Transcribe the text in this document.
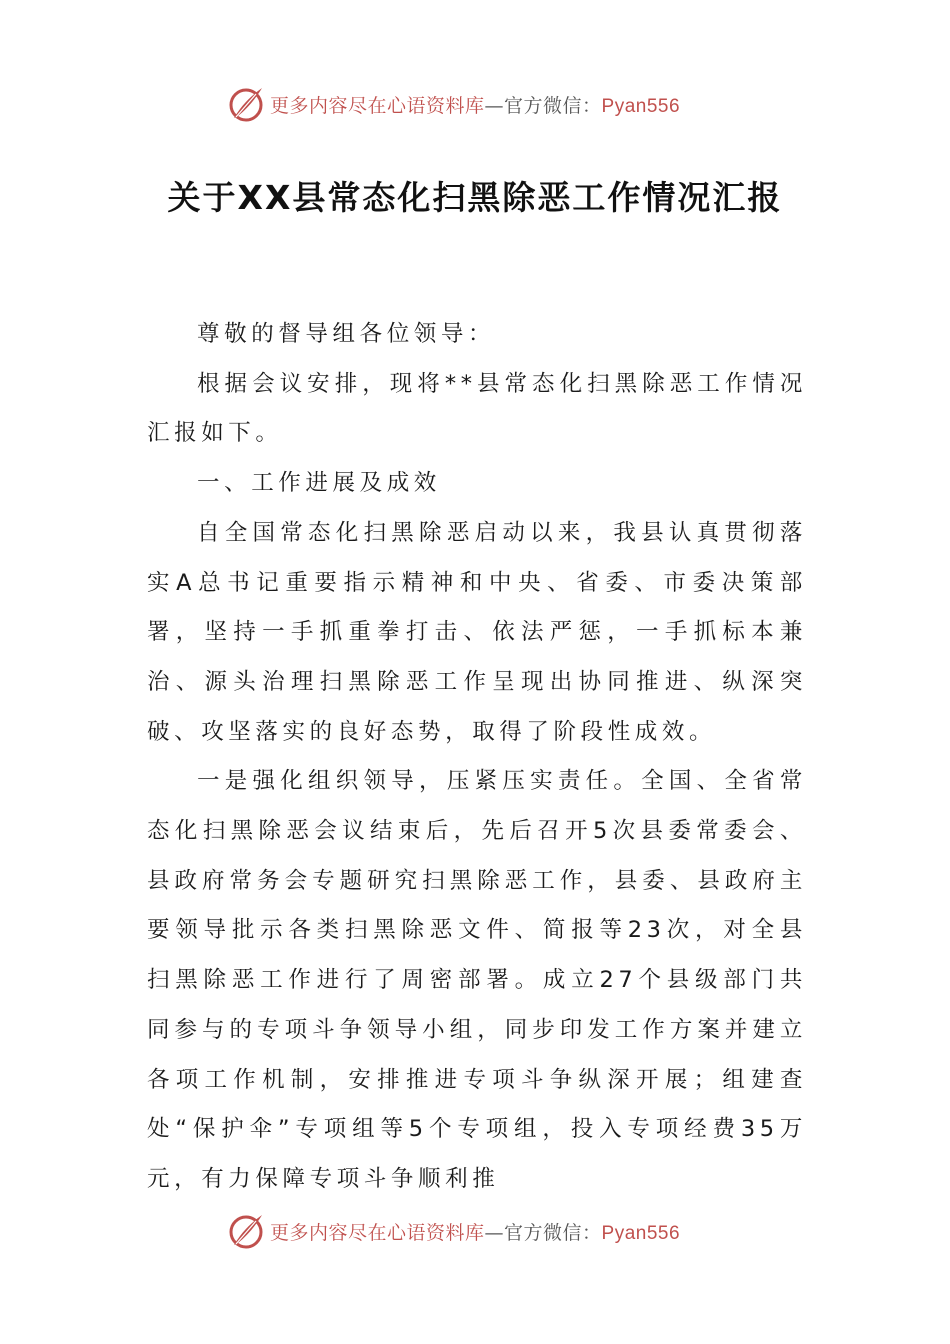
更多内容尽在心语资料库—官方微信：Pyan556
关于XX县常态化扫黑除恶工作情况汇报

尊敬的督导组各位领导：

根据会议安排，现将**县常态化扫黑除恶工作情况汇报如下。

一、工作进展及成效

自全国常态化扫黑除恶启动以来，我县认真贯彻落实A总书记重要指示精神和中央、省委、市委决策部署，坚持一手抓重拳打击、依法严惩，一手抓标本兼治、源头治理扫黑除恶工作呈现出协同推进、纵深突破、攻坚落实的良好态势，取得了阶段性成效。

一是强化组织领导，压紧压实责任。全国、全省常态化扫黑除恶会议结束后，先后召开5次县委常委会、县政府常务会专题研究扫黑除恶工作，县委、县政府主要领导批示各类扫黑除恶文件、简报等23次，对全县扫黑除恶工作进行了周密部署。成立27个县级部门共同参与的专项斗争领导小组，同步印发工作方案并建立各项工作机制，安排推进专项斗争纵深开展；组建查处“保护伞”专项组等5个专项组，投入专项经费35万元，有力保障专项斗争顺利推

更多内容尽在心语资料库—官方微信：Pyan556
